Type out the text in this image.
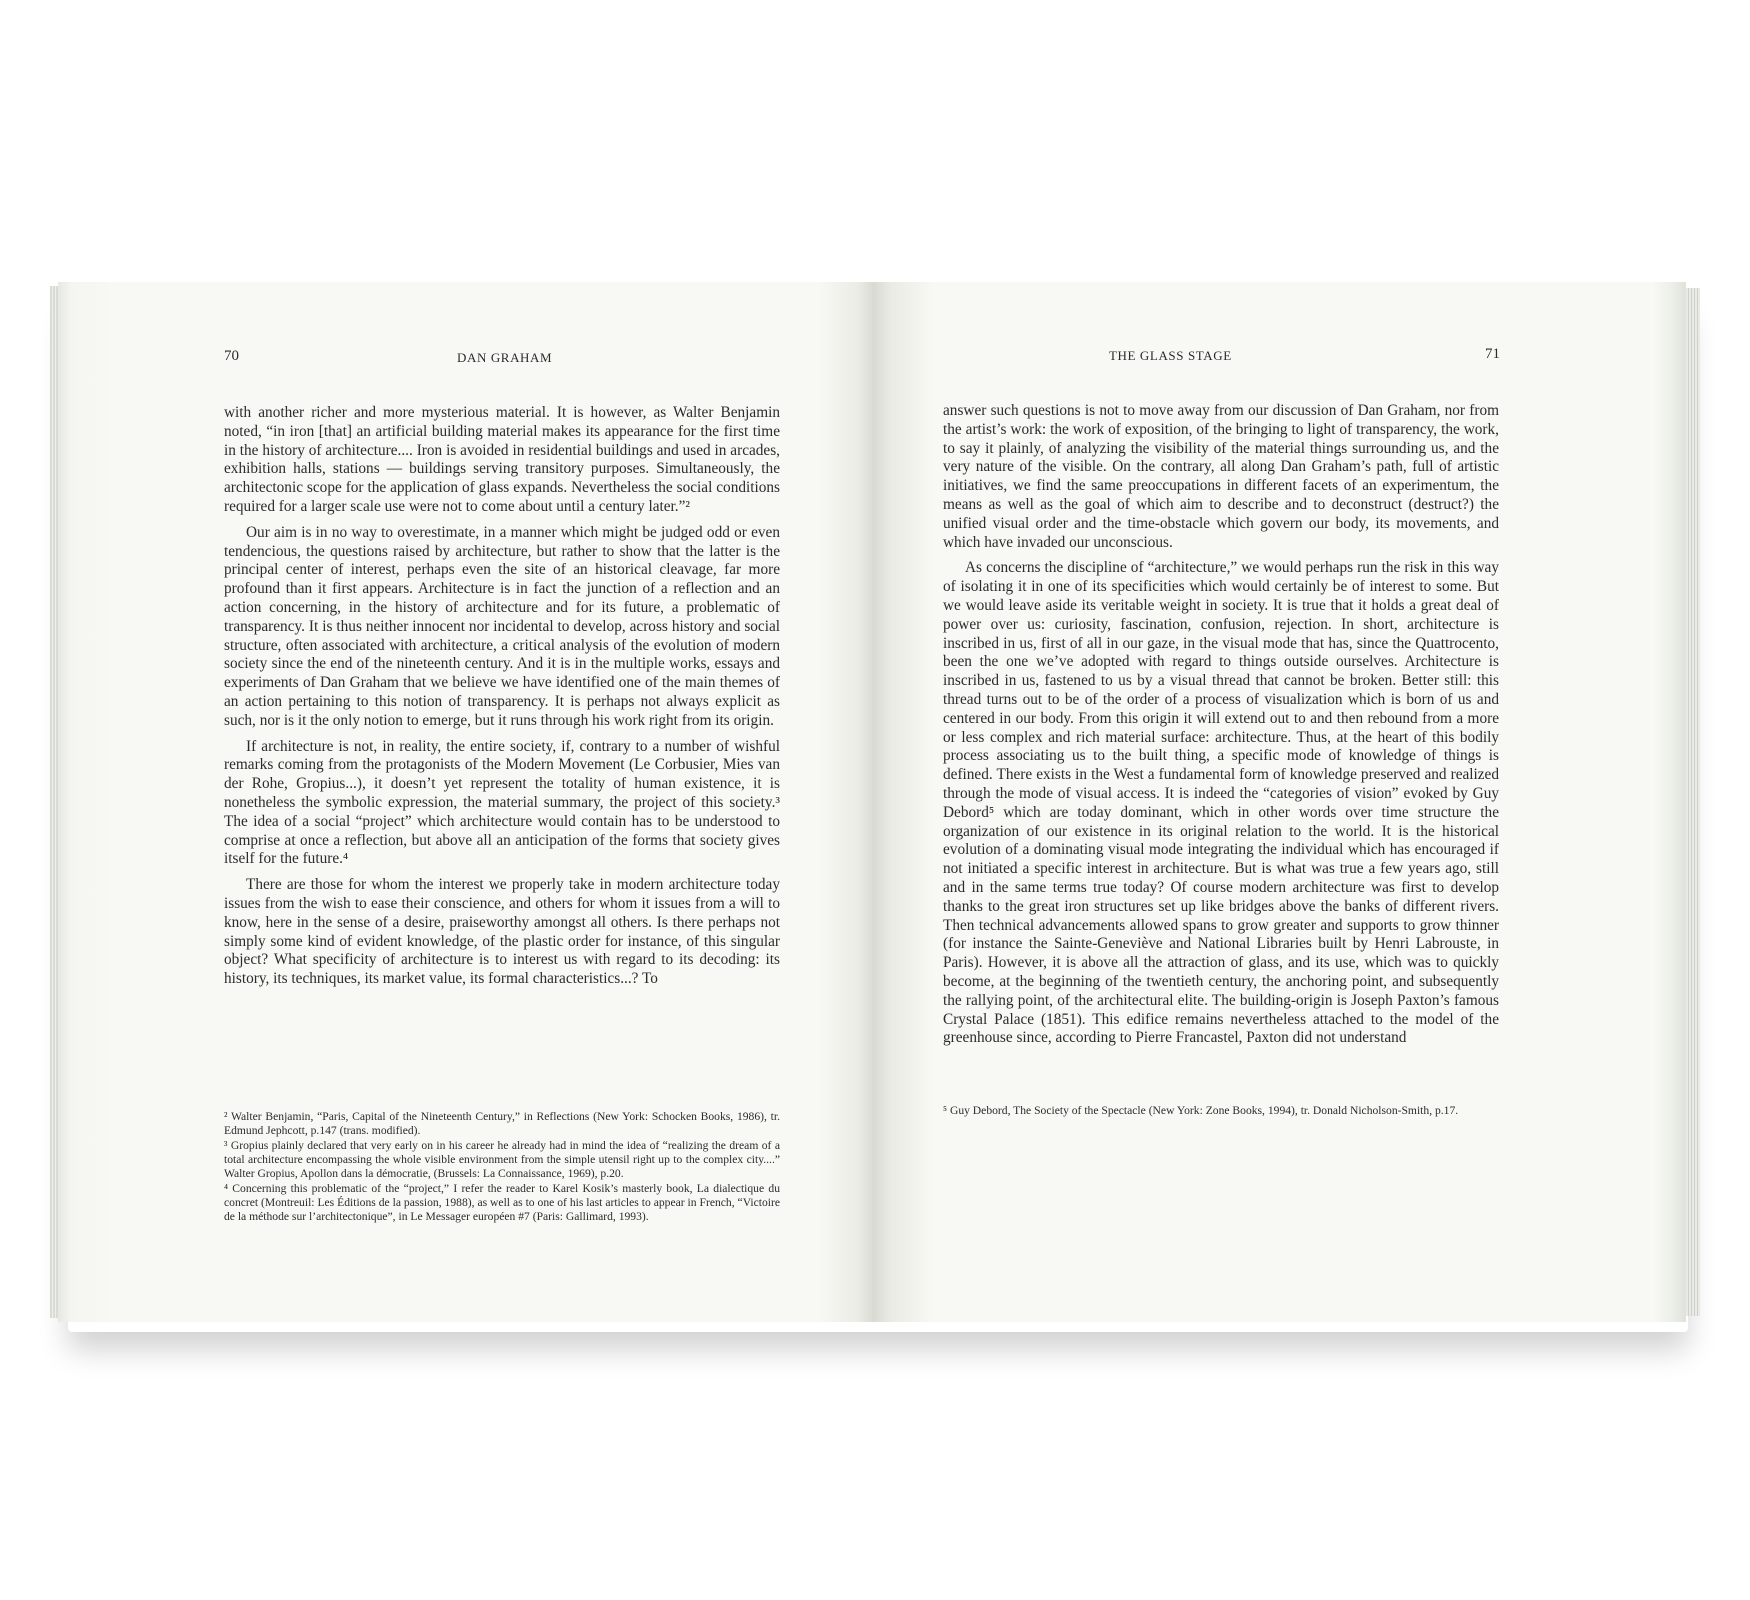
70	DAN GRAHAM

with another richer and more mysterious material. It is however, as Walter Benjamin noted, “in iron [that] an artificial building material makes its appearance for the first time in the history of architecture.... Iron is avoided in residential buildings and used in arcades, exhibition halls, stations — buildings serving transitory purposes. Simultaneously, the architectonic scope for the application of glass expands. Nevertheless the social conditions required for a larger scale use were not to come about until a century later.”²

Our aim is in no way to overestimate, in a manner which might be judged odd or even tendencious, the questions raised by architecture, but rather to show that the latter is the principal center of interest, perhaps even the site of an historical cleavage, far more profound than it first appears. Architecture is in fact the junction of a reflection and an action concerning, in the history of architecture and for its future, a problematic of transparency. It is thus neither innocent nor incidental to develop, across history and social structure, often associated with architecture, a critical analysis of the evolution of modern society since the end of the nineteenth century. And it is in the multiple works, essays and experiments of Dan Graham that we believe we have identified one of the main themes of an action pertaining to this notion of transparency. It is perhaps not always explicit as such, nor is it the only notion to emerge, but it runs through his work right from its origin.

If architecture is not, in reality, the entire society, if, contrary to a number of wishful remarks coming from the protagonists of the Modern Movement (Le Corbusier, Mies van der Rohe, Gropius...), it doesn’t yet represent the totality of human existence, it is nonetheless the symbolic expression, the material summary, the project of this society.³ The idea of a social “project” which architecture would contain has to be understood to comprise at once a reflection, but above all an anticipation of the forms that society gives itself for the future.⁴

There are those for whom the interest we properly take in modern architecture today issues from the wish to ease their conscience, and others for whom it issues from a will to know, here in the sense of a desire, praiseworthy amongst all others. Is there perhaps not simply some kind of evident knowledge, of the plastic order for instance, of this singular object? What specificity of architecture is to interest us with regard to its decoding: its history, its techniques, its market value, its formal characteristics...? To

² Walter Benjamin, “Paris, Capital of the Nineteenth Century,” in Reflections (New York: Schocken Books, 1986), tr. Edmund Jephcott, p.147 (trans. modified).

³ Gropius plainly declared that very early on in his career he already had in mind the idea of “realizing the dream of a total architecture encompassing the whole visible environment from the simple utensil right up to the complex city....” Walter Gropius, Apollon dans la démocratie, (Brussels: La Connaissance, 1969), p.20.

⁴ Concerning this problematic of the “project,” I refer the reader to Karel Kosik’s masterly book, La dialectique du concret (Montreuil: Les Éditions de la passion, 1988), as well as to one of his last articles to appear in French, “Victoire de la méthode sur l’architectonique”, in Le Messager européen #7 (Paris: Gallimard, 1993).

THE GLASS STAGE	71

answer such questions is not to move away from our discussion of Dan Graham, nor from the artist’s work: the work of exposition, of the bringing to light of transparency, the work, to say it plainly, of analyzing the visibility of the material things surrounding us, and the very nature of the visible. On the contrary, all along Dan Graham’s path, full of artistic initiatives, we find the same preoccupations in different facets of an experimentum, the means as well as the goal of which aim to describe and to deconstruct (destruct?) the unified visual order and the time-obstacle which govern our body, its movements, and which have invaded our unconscious.

As concerns the discipline of “architecture,” we would perhaps run the risk in this way of isolating it in one of its specificities which would certainly be of interest to some. But we would leave aside its veritable weight in society. It is true that it holds a great deal of power over us: curiosity, fascination, confusion, rejection. In short, architecture is inscribed in us, first of all in our gaze, in the visual mode that has, since the Quattrocento, been the one we’ve adopted with regard to things outside ourselves. Architecture is inscribed in us, fastened to us by a visual thread that cannot be broken. Better still: this thread turns out to be of the order of a process of visualization which is born of us and centered in our body. From this origin it will extend out to and then rebound from a more or less complex and rich material surface: architecture. Thus, at the heart of this bodily process associating us to the built thing, a specific mode of knowledge of things is defined. There exists in the West a fundamental form of knowledge preserved and realized through the mode of visual access. It is indeed the “categories of vision” evoked by Guy Debord⁵ which are today dominant, which in other words over time structure the organization of our existence in its original relation to the world. It is the historical evolution of a dominating visual mode integrating the individual which has encouraged if not initiated a specific interest in architecture. But is what was true a few years ago, still and in the same terms true today? Of course modern architecture was first to develop thanks to the great iron structures set up like bridges above the banks of different rivers. Then technical advancements allowed spans to grow greater and supports to grow thinner (for instance the Sainte-Geneviève and National Libraries built by Henri Labrouste, in Paris). However, it is above all the attraction of glass, and its use, which was to quickly become, at the beginning of the twentieth century, the anchoring point, and subsequently the rallying point, of the architectural elite. The building-origin is Joseph Paxton’s famous Crystal Palace (1851). This edifice remains nevertheless attached to the model of the greenhouse since, according to Pierre Francastel, Paxton did not understand

⁵ Guy Debord, The Society of the Spectacle (New York: Zone Books, 1994), tr. Donald Nicholson-Smith, p.17.
